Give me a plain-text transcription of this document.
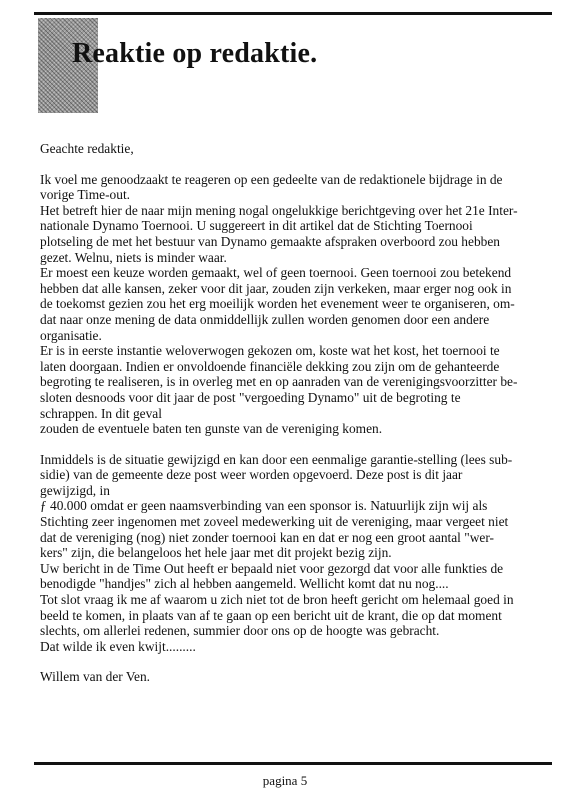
Reaktie op redaktie.
Geachte redaktie,
Ik voel me genoodzaakt te reageren op een gedeelte van de redaktionele bijdrage in de
vorige Time-out.
Het betreft hier de naar mijn mening nogal ongelukkige berichtgeving over het 21e Inter-
nationale Dynamo Toernooi. U suggereert in dit artikel dat de Stichting Toernooi
plotseling de met het bestuur van Dynamo gemaakte afspraken overboord zou hebben
gezet. Welnu, niets is minder waar.
Er moest een keuze worden gemaakt, wel of geen toernooi. Geen toernooi zou betekend
hebben dat alle kansen, zeker voor dit jaar, zouden zijn verkeken, maar erger nog ook in
de toekomst gezien zou het erg moeilijk worden het evenement weer te organiseren, om-
dat naar onze mening de data onmiddellijk zullen worden genomen door een andere
organisatie.
Er is in eerste instantie weloverwogen gekozen om, koste wat het kost, het toernooi te
laten doorgaan. Indien er onvoldoende financiële dekking zou zijn om de gehanteerde
begroting te realiseren, is in overleg met en op aanraden van de verenigingsvoorzitter be-
sloten desnoods voor dit jaar de post "vergoeding Dynamo" uit de begroting te
schrappen. In dit geval
zouden de eventuele baten ten gunste van de vereniging komen.
Inmiddels is de situatie gewijzigd en kan door een eenmalige garantie-stelling (lees sub-
sidie) van de gemeente deze post weer worden opgevoerd. Deze post is dit jaar
gewijzigd, in
ƒ 40.000 omdat er geen naamsverbinding van een sponsor is. Natuurlijk zijn wij als
Stichting zeer ingenomen met zoveel medewerking uit de vereniging, maar vergeet niet
dat de vereniging (nog) niet zonder toernooi kan en dat er nog een groot aantal "wer-
kers" zijn, die belangeloos het hele jaar met dit projekt bezig zijn.
Uw bericht in de Time Out heeft er bepaald niet voor gezorgd dat voor alle funkties de
benodigde "handjes" zich al hebben aangemeld. Wellicht komt dat nu nog....
Tot slot vraag ik me af waarom u zich niet tot de bron heeft gericht om helemaal goed in
beeld te komen, in plaats van af te gaan op een bericht uit de krant, die op dat moment
slechts, om allerlei redenen, summier door ons op de hoogte was gebracht.
Dat wilde ik even kwijt.........
Willem van der Ven.
pagina 5
